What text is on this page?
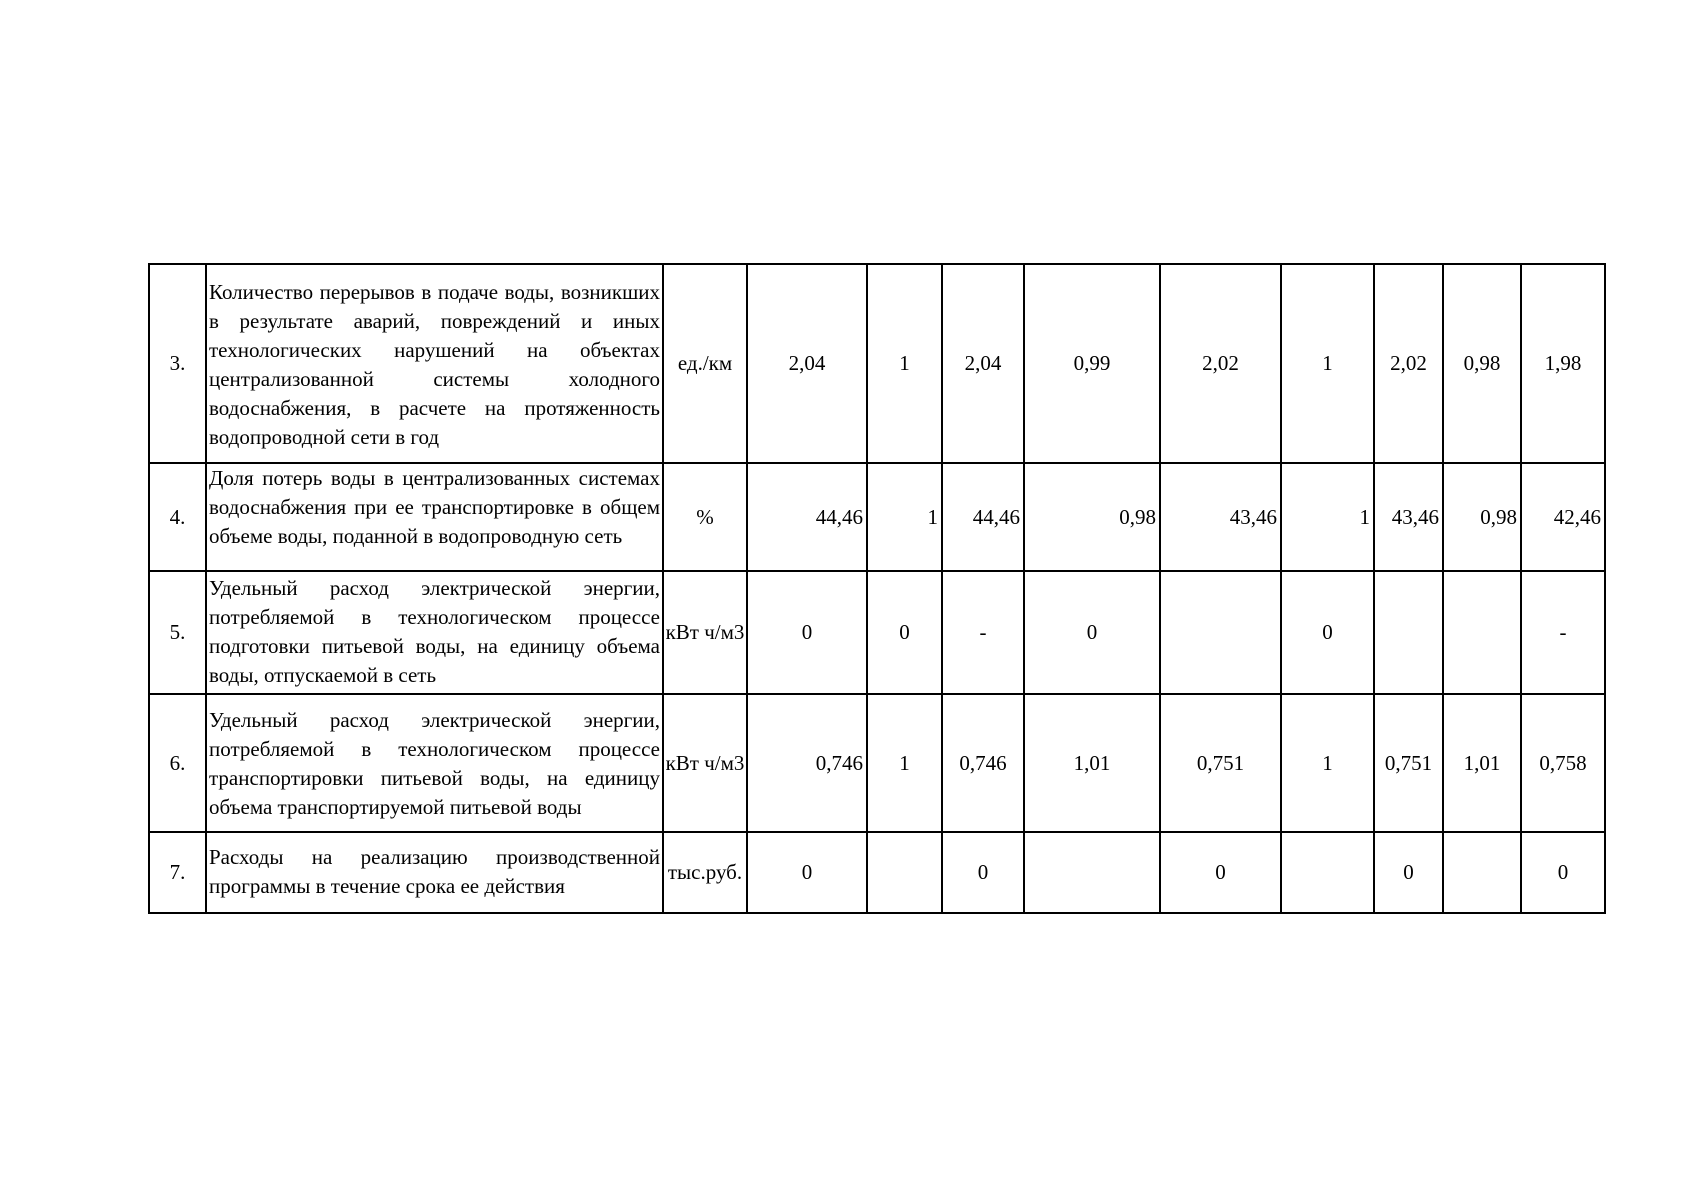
3.	Количество перерывов в подаче воды, возникших в результате аварий, повреждений и иных технологических нарушений на объектах централизованной системы холодного водоснабжения, в расчете на протяженность водопроводной сети в год	ед./км	2,04	1	2,04	0,99	2,02	1	2,02	0,98	1,98
4.	Доля потерь воды в централизованных системах водоснабжения при ее транспортировке в общем объеме воды, поданной в водопроводную сеть	%	44,46	1	44,46	0,98	43,46	1	43,46	0,98	42,46
5.	Удельный расход электрической энергии, потребляемой в технологическом процессе подготовки питьевой воды, на единицу объема воды, отпускаемой в сеть	кВт ч/м3	0	0	-	0		0			-
6.	Удельный расход электрической энергии, потребляемой в технологическом процессе транспортировки питьевой воды, на единицу объема транспортируемой питьевой воды	кВт ч/м3	0,746	1	0,746	1,01	0,751	1	0,751	1,01	0,758
7.	Расходы на реализацию производственной программы в течение срока ее действия	тыс.руб.	0		0		0		0		0
